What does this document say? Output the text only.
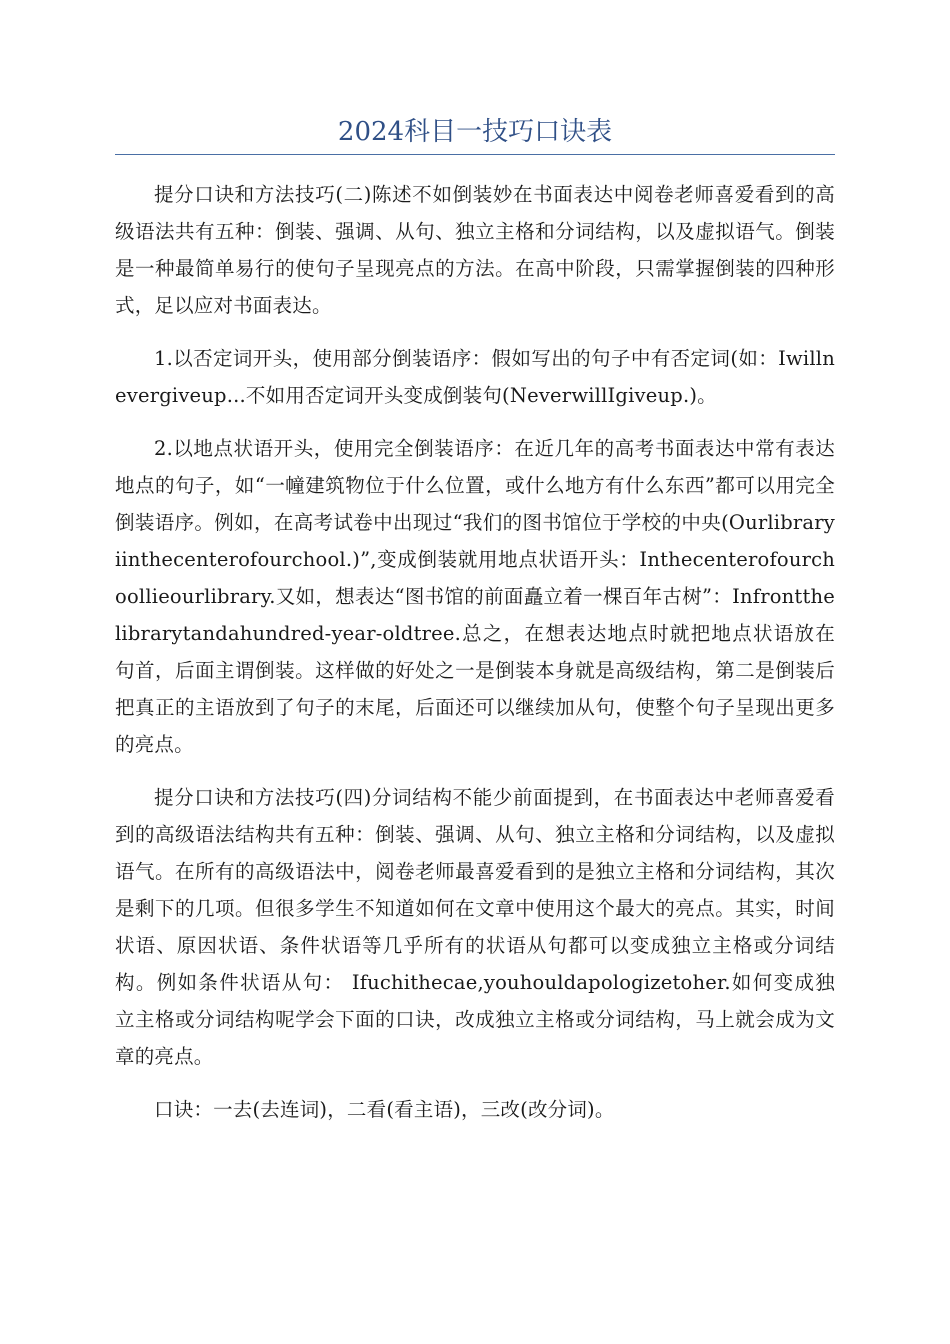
2024科目一技巧口诀表

提分口诀和方法技巧(二)陈述不如倒装妙在书面表达中阅卷老师喜爱看到的高级语法共有五种：倒装、强调、从句、独立主格和分词结构，以及虚拟语气。倒装是一种最简单易行的使句子呈现亮点的方法。在高中阶段，只需掌握倒装的四种形式，足以应对书面表达。

1.以否定词开头，使用部分倒装语序：假如写出的句子中有否定词(如：Iwillnevergiveup...不如用否定词开头变成倒装句(NeverwillIgiveup.)。

2.以地点状语开头，使用完全倒装语序：在近几年的高考书面表达中常有表达地点的句子，如“一幢建筑物位于什么位置，或什么地方有什么东西”都可以用完全倒装语序。例如，在高考试卷中出现过“我们的图书馆位于学校的中央(Ourlibraryiinthecenterofourchool.)”,变成倒装就用地点状语开头：Inthecenterofourchoollieourlibrary.又如，想表达“图书馆的前面矗立着一棵百年古树”：Infrontthelibrarytandahundred-year-oldtree.总之，在想表达地点时就把地点状语放在句首，后面主谓倒装。这样做的好处之一是倒装本身就是高级结构，第二是倒装后把真正的主语放到了句子的末尾，后面还可以继续加从句，使整个句子呈现出更多的亮点。

提分口诀和方法技巧(四)分词结构不能少前面提到，在书面表达中老师喜爱看到的高级语法结构共有五种：倒装、强调、从句、独立主格和分词结构，以及虚拟语气。在所有的高级语法中，阅卷老师最喜爱看到的是独立主格和分词结构，其次是剩下的几项。但很多学生不知道如何在文章中使用这个最大的亮点。其实，时间状语、原因状语、条件状语等几乎所有的状语从句都可以变成独立主格或分词结构。例如条件状语从句： Ifuchithecae,youhouldapologizetoher.如何变成独立主格或分词结构呢学会下面的口诀，改成独立主格或分词结构，马上就会成为文章的亮点。

口诀：一去(去连词)，二看(看主语)，三改(改分词)。
